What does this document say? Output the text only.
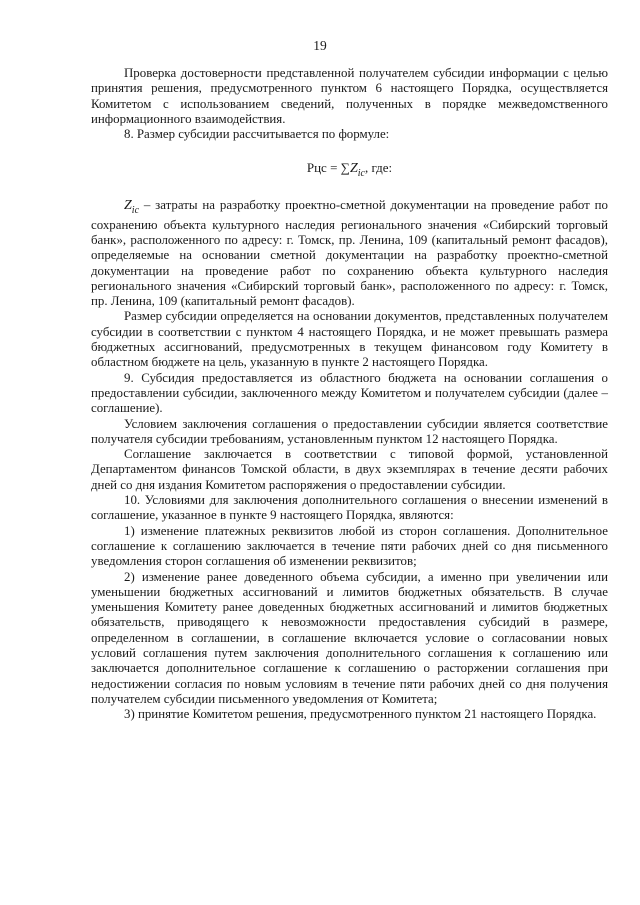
19

Проверка достоверности представленной получателем субсидии информации с целью принятия решения, предусмотренного пунктом 6 настоящего Порядка, осуществляется Комитетом с использованием сведений, полученных в порядке межведомственного информационного взаимодействия.

8. Размер субсидии рассчитывается по формуле:

Рцс = $\sum Z_{iс}$, где:

$Z_{iс}$ – затраты на разработку проектно-сметной документации на проведение работ по сохранению объекта культурного наследия регионального значения «Сибирский торговый банк», расположенного по адресу: г. Томск, пр. Ленина, 109 (капитальный ремонт фасадов), определяемые на основании сметной документации на разработку проектно-сметной документации на проведение работ по сохранению объекта культурного наследия регионального значения «Сибирский торговый банк», расположенного по адресу: г. Томск, пр. Ленина, 109 (капитальный ремонт фасадов).

Размер субсидии определяется на основании документов, представленных получателем субсидии в соответствии с пунктом 4 настоящего Порядка, и не может превышать размера бюджетных ассигнований, предусмотренных в текущем финансовом году Комитету в областном бюджете на цель, указанную в пункте 2 настоящего Порядка.

9. Субсидия предоставляется из областного бюджета на основании соглашения о предоставлении субсидии, заключенного между Комитетом и получателем субсидии (далее – соглашение).

Условием заключения соглашения о предоставлении субсидии является соответствие получателя субсидии требованиям, установленным пунктом 12 настоящего Порядка.

Соглашение заключается в соответствии с типовой формой, установленной Департаментом финансов Томской области, в двух экземплярах в течение десяти рабочих дней со дня издания Комитетом распоряжения о предоставлении субсидии.

10. Условиями для заключения дополнительного соглашения о внесении изменений в соглашение, указанное в пункте 9 настоящего Порядка, являются:

1) изменение платежных реквизитов любой из сторон соглашения. Дополнительное соглашение к соглашению заключается в течение пяти рабочих дней со дня письменного уведомления сторон соглашения об изменении реквизитов;

2) изменение ранее доведенного объема субсидии, а именно при увеличении или уменьшении бюджетных ассигнований и лимитов бюджетных обязательств. В случае уменьшения Комитету ранее доведенных бюджетных ассигнований и лимитов бюджетных обязательств, приводящего к невозможности предоставления субсидий в размере, определенном в соглашении, в соглашение включается условие о согласовании новых условий соглашения путем заключения дополнительного соглашения к соглашению или заключается дополнительное соглашение к соглашению о расторжении соглашения при недостижении согласия по новым условиям в течение пяти рабочих дней со дня получения получателем субсидии письменного уведомления от Комитета;

3) принятие Комитетом решения, предусмотренного пунктом 21 настоящего Порядка.
